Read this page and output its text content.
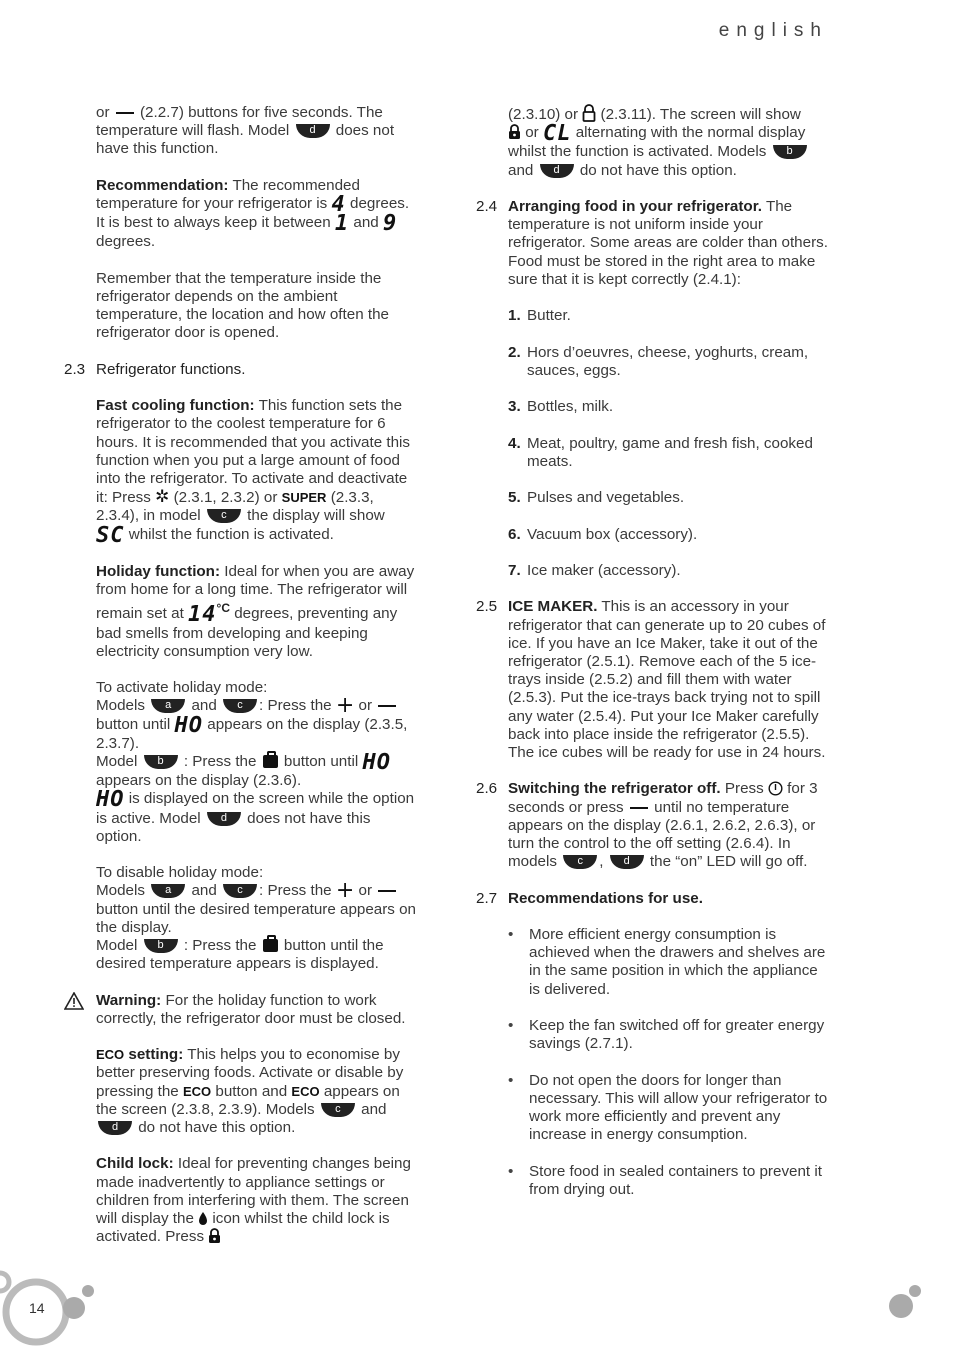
english

or (2.2.7) buttons for five seconds. The temperature will flash. Model d does not have this function.

Recommendation: The recommended temperature for your refrigerator is 4 degrees. It is best to always keep it between 1 and 9 degrees.

Remember that the temperature inside the refrigerator depends on the ambient temperature, the location and how often the refrigerator door is opened.

2.3 Refrigerator functions.

Fast cooling function: This function sets the refrigerator to the coolest temperature for 6 hours. It is recommended that you activate this function when you put a large amount of food into the refrigerator. To activate and deactivate it: Press ✲ (2.3.1, 2.3.2) or SUPER (2.3.3, 2.3.4), in model c the display will show SC whilst the function is activated.

Holiday function: Ideal for when you are away from home for a long time. The refrigerator will remain set at $14^{^\circ C}$ degrees, preventing any bad smells from developing and keeping electricity consumption very low.

To activate holiday mode:
Models a and c : Press the + or  button until HO appears on the display (2.3.5, 2.3.7).
Model b : Press the button until HO appears on the display (2.3.6).
HO is displayed on the screen while the option is active. Model d does not have this option.

To disable holiday mode:
Models a and c : Press the + or  button until the desired temperature appears on the display.
Model b : Press the button until the desired temperature appears is displayed.

Warning: For the holiday function to work correctly, the refrigerator door must be closed.

ECO setting: This helps you to economise by better preserving foods. Activate or disable by pressing the ECO button and ECO appears on the screen (2.3.8, 2.3.9). Models c and d do not have this option.

Child lock: Ideal for preventing changes being made inadvertently to appliance settings or children from interfering with them. The screen will display the icon whilst the child lock is activated. Press

(2.3.10) or (2.3.11). The screen will show
or CL alternating with the normal display whilst the function is activated. Models b
and d do not have this option.

2.4 Arranging food in your refrigerator. The temperature is not uniform inside your refrigerator. Some areas are colder than others. Food must be stored in the right area to make sure that it is kept correctly (2.4.1):

1. Butter.
2. Hors d’oeuvres, cheese, yoghurts, cream, sauces, eggs.
3. Bottles, milk.
4. Meat, poultry, game and fresh fish, cooked meats.
5. Pulses and vegetables.
6. Vacuum box (accessory).
7. Ice maker (accessory).

2.5 ICE MAKER. This is an accessory in your refrigerator that can generate up to 20 cubes of ice. If you have an Ice Maker, take it out of the refrigerator (2.5.1). Remove each of the 5 ice-trays inside (2.5.2) and fill them with water (2.5.3). Put the ice-trays back trying not to spill any water (2.5.4). Put your Ice Maker carefully back into place inside the refrigerator (2.5.5). The ice cubes will be ready for use in 24 hours.

2.6 Switching the refrigerator off. Press for 3 seconds or press until no temperature appears on the display (2.6.1, 2.6.2, 2.6.3), or turn the control to the off setting (2.6.4). In models c , d the “on” LED will go off.

2.7 Recommendations for use.

• More efficient energy consumption is achieved when the drawers and shelves are in the same position in which the appliance is delivered.
• Keep the fan switched off for greater energy savings (2.7.1).
• Do not open the doors for longer than necessary. This will allow your refrigerator to work more efficiently and prevent any increase in energy consumption.
• Store food in sealed containers to prevent it from drying out.
14
